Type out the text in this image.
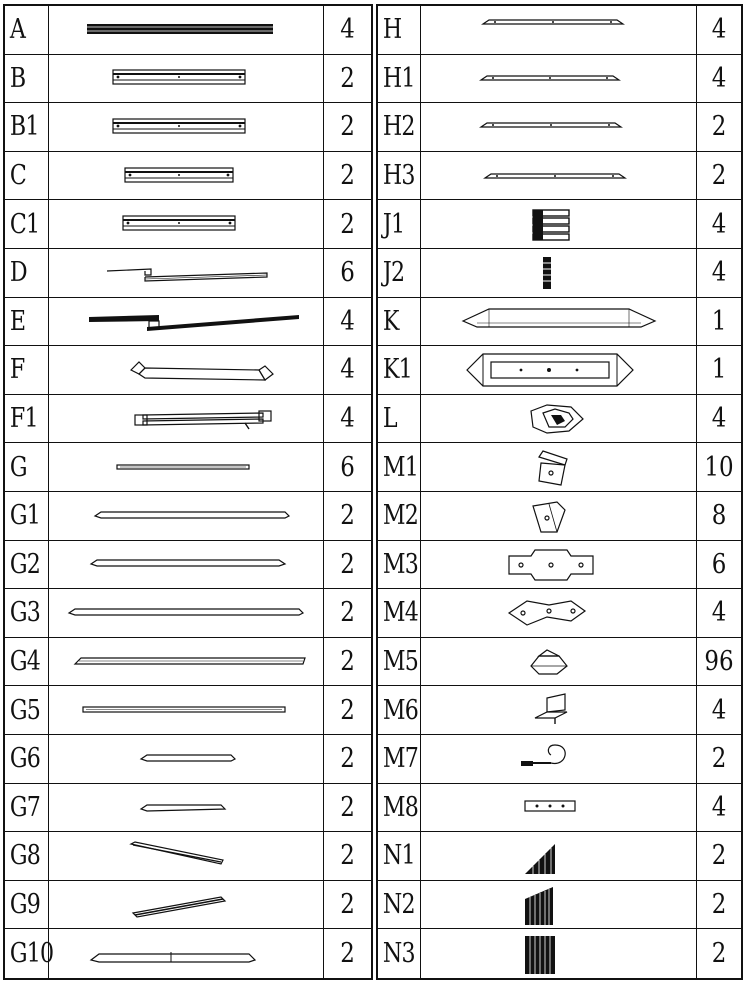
A	4
B	2
B1	2
C	2
C1	2
D	6
E	4
F	4
F1	4
G	6
G1	2
G2	2
G3	2
G4	2
G5	2
G6	2
G7	2
G8	2
G9	2
G10	2
H	4
H1	4
H2	2
H3	2
J1	4
J2	4
K	1
K1	1
L	4
M1	10
M2	8
M3	6
M4	4
M5	96
M6	4
M7	2
M8	4
N1	2
N2	2
N3	2
